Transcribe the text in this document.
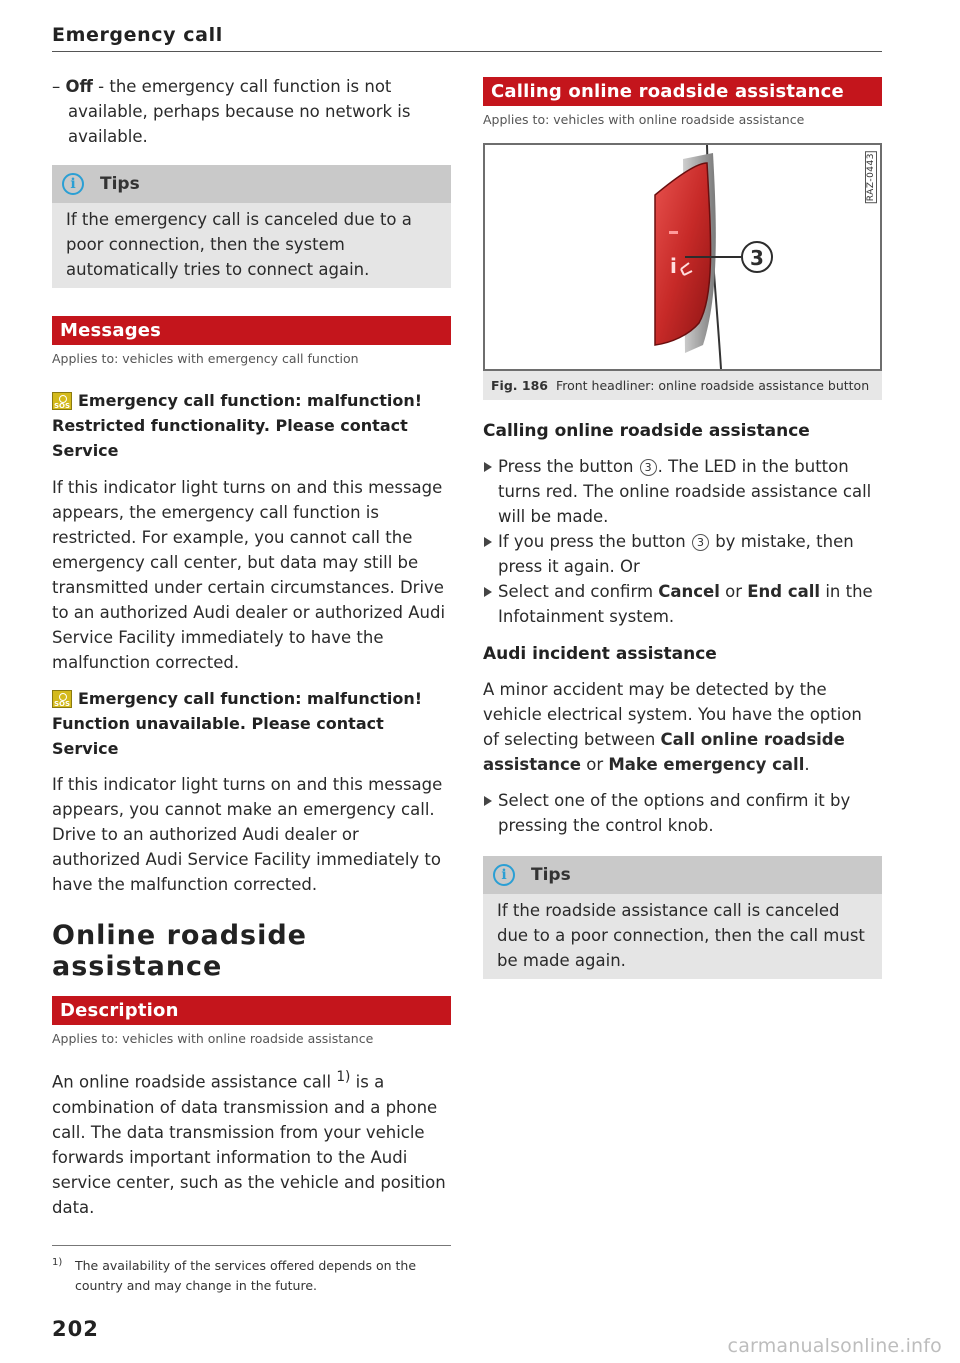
Emergency call

– Off - the emergency call function is not available, perhaps because no network is available.

i	Tips
If the emergency call is canceled due to a poor connection, then the system automatically tries to connect again.
Messages
Applies to: vehicles with emergency call function

SOS Emergency call function: malfunction! Restricted functionality. Please contact Service

If this indicator light turns on and this message appears, the emergency call function is restricted. For example, you cannot call the emergency call center, but data may still be transmitted under certain circumstances. Drive to an authorized Audi dealer or authorized Audi Service Facility immediately to have the malfunction corrected.

SOS Emergency call function: malfunction! Function unavailable. Please contact Service

If this indicator light turns on and this message appears, you cannot make an emergency call. Drive to an authorized Audi dealer or authorized Audi Service Facility immediately to have the malfunction corrected.

Online roadside assistance
Description
Applies to: vehicles with online roadside assistance

An online roadside assistance call $^{1)}$ is a combination of data transmission and a phone call. The data transmission from your vehicle forwards important information to the Audi service center, such as the vehicle and position data.

1) The availability of the services offered depends on the country and may change in the future.
202
Calling online roadside assistance
Applies to: vehicles with online roadside assistance
RAZ-0443
i	3
Fig. 186 Front headliner: online roadside assistance button

Calling online roadside assistance

Press the button 3 . The LED in the button turns red. The online roadside assistance call will be made.
If you press the button 3 by mistake, then press it again. Or
Select and confirm Cancel or End call in the Infotainment system.

Audi incident assistance

A minor accident may be detected by the vehicle electrical system. You have the option of selecting between Call online roadside assistance or Make emergency call.

Select one of the options and confirm it by pressing the control knob.
i	Tips
If the roadside assistance call is canceled due to a poor connection, then the call must be made again.
carmanualsonline.info
